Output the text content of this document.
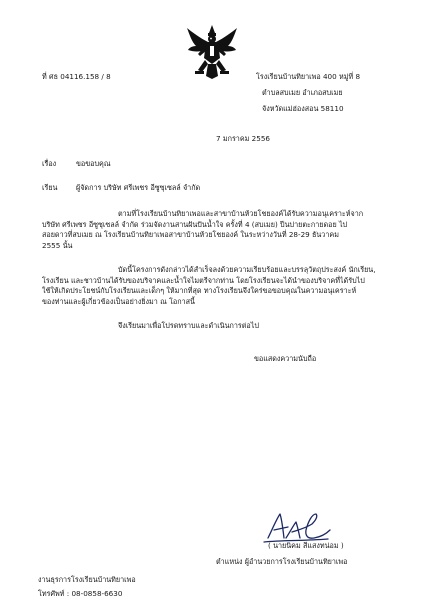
ที่ ศธ 04116.158 / 8	โรงเรียนบ้านทิยาเพอ 400 หมู่ที่ 8
ตำบลสบเมย อำเภอสบเมย
จังหวัดแม่ฮ่องสอน 58110
7 มกราคม 2556
เรื่อง	ขอขอบคุณ
เรียน	ผู้จัดการ บริษัท ศรีเพชร อีซูซุเซลล์ จำกัด
ตามที่โรงเรียนบ้านทิยาเพอและสาขาบ้านห้วยโชยองค์ได้รับความอนุเคราะห์จาก
บริษัท ศรีเพชร อีซูซุเซลล์ จำกัด ร่วมจัดงานสานฝันปันน้ำใจ ครั้งที่ 4 (สบเมย) ปีนบ่ายตะกายดอย ไป
สอยดาวที่สบเมย ณ โรงเรียนบ้านทิยาเพอสาขาบ้านห้วยโชยองค์ ในระหว่างวันที่ 28-29 ธันวาคม
2555 นั้น
บัดนี้โครงการดังกล่าวได้สำเร็จลงด้วยความเรียบร้อยและบรรลุวัตถุประสงค์ นักเรียน,
โรงเรียน และชาวบ้านได้รับของบริจาคและน้ำใจไมตรีจากท่าน โดยโรงเรียนจะได้นำของบริจาคที่ได้รับไป
ใช้ให้เกิดประโยชน์กับโรงเรียนและเด็กๆ ให้มากที่สุด ทางโรงเรียนจึงใคร่ขอขอบคุณในความอนุเคราะห์
ของท่านและผู้เกี่ยวข้องเป็นอย่างยิ่งมา ณ โอกาสนี้
จึงเรียนมาเพื่อโปรดทราบและดำเนินการต่อไป
ขอแสดงความนับถือ
( นายนิคม สีแสงทน่อม )
ตำแหน่ง ผู้อำนวยการโรงเรียนบ้านทิยาเพอ
งานธุรการโรงเรียนบ้านทิยาเพอ
โทรศัพท์ : 08-0858-6630
